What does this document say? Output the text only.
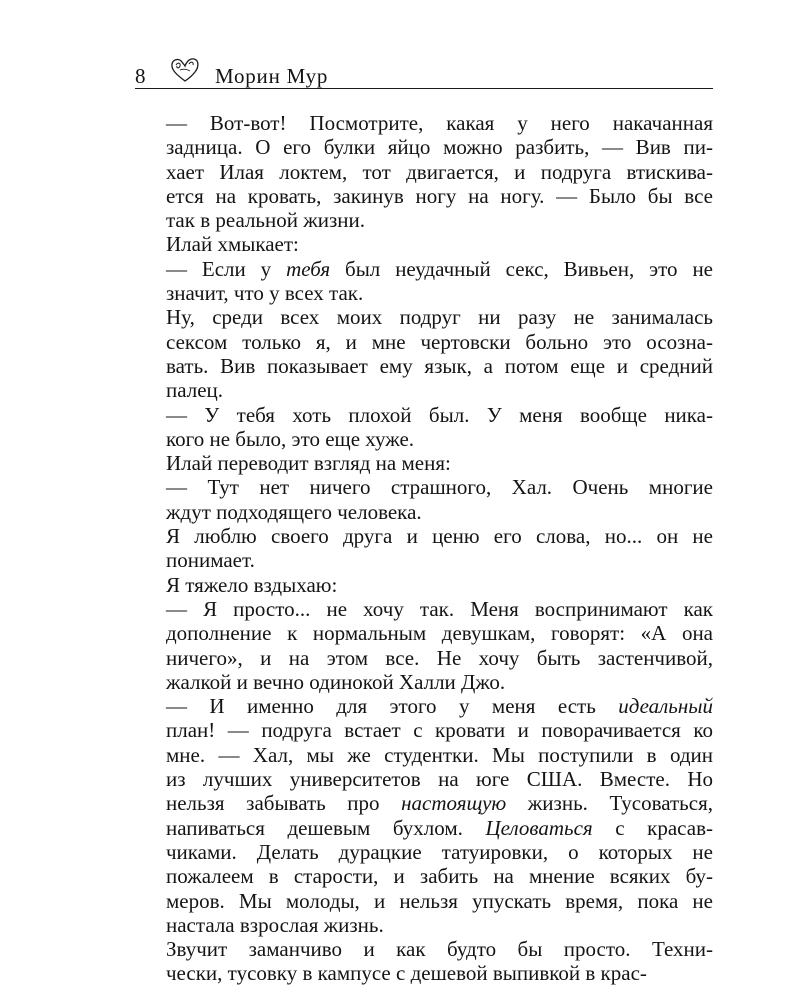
8	Морин Мур

— Вот-вот! Посмотрите, какая у него накачанная
задница. О его булки яйцо можно разбить, — Вив пи-
хает Илая локтем, тот двигается, и подруга втискива-
ется на кровать, закинув ногу на ногу. — Было бы все
так в реальной жизни.

Илай хмыкает:

— Если у тебя был неудачный секс, Вивьен, это не
значит, что у всех так.

Ну, среди всех моих подруг ни разу не занималась
сексом только я, и мне чертовски больно это осозна-
вать. Вив показывает ему язык, а потом еще и средний
палец.

— У тебя хоть плохой был. У меня вообще ника-
кого не было, это еще хуже.

Илай переводит взгляд на меня:

— Тут нет ничего страшного, Хал. Очень многие
ждут подходящего человека.

Я люблю своего друга и ценю его слова, но... он не
понимает.

Я тяжело вздыхаю:

— Я просто... не хочу так. Меня воспринимают как
дополнение к нормальным девушкам, говорят: «А она
ничего», и на этом все. Не хочу быть застенчивой,
жалкой и вечно одинокой Халли Джо.

— И именно для этого у меня есть идеальный
план! — подруга встает с кровати и поворачивается ко
мне. — Хал, мы же студентки. Мы поступили в один
из лучших университетов на юге США. Вместе. Но
нельзя забывать про настоящую жизнь. Тусоваться,
напиваться дешевым бухлом. Целоваться с красав-
чиками. Делать дурацкие татуировки, о которых не
пожалеем в старости, и забить на мнение всяких бу-
меров. Мы молоды, и нельзя упускать время, пока не
настала взрослая жизнь.

Звучит заманчиво и как будто бы просто. Техни-
чески, тусовку в кампусе с дешевой выпивкой в крас-
